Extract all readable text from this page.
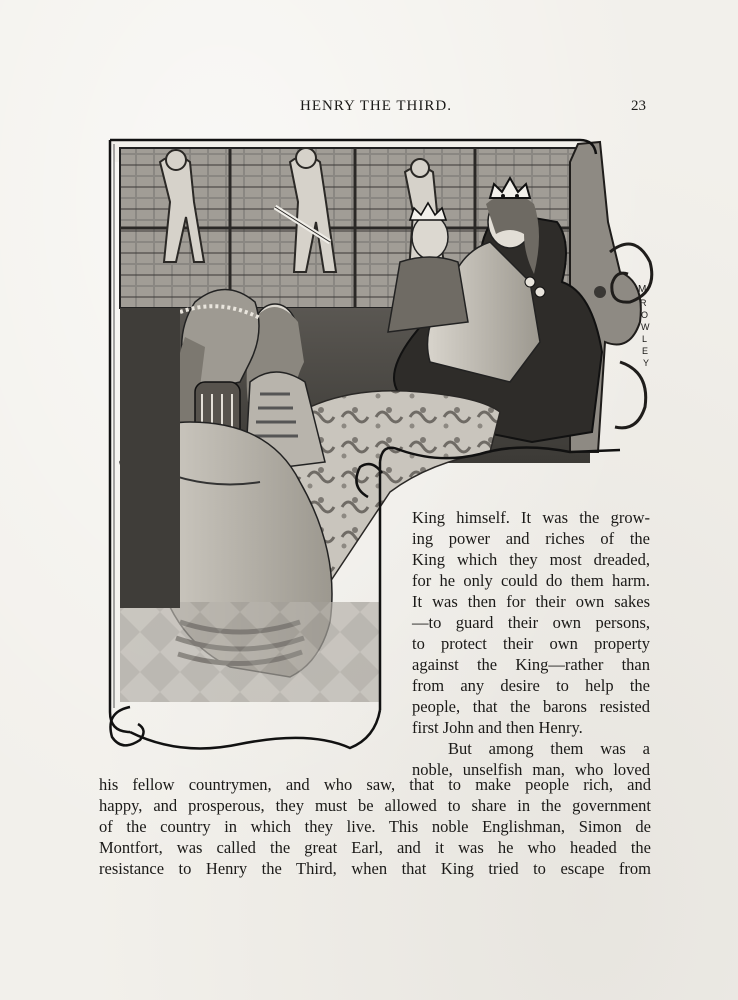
HENRY THE THIRD.	23
M
R
O
W
L
E
Y
King himself. It was the grow-
ing power and riches of the
King which they most dreaded,
for he only could do them harm.
It was then for their own sakes
—to guard their own persons,
to protect their own property
against the King—rather than
from any desire to help the
people, that the barons resisted
first John and then Henry.
But among them was a
noble, unselfish man, who loved
his fellow countrymen, and who saw, that to make people rich, and
happy, and prosperous, they must be allowed to share in the government
of the country in which they live. This noble Englishman, Simon de
Montfort, was called the great Earl, and it was he who headed the
resistance to Henry the Third, when that King tried to escape from
